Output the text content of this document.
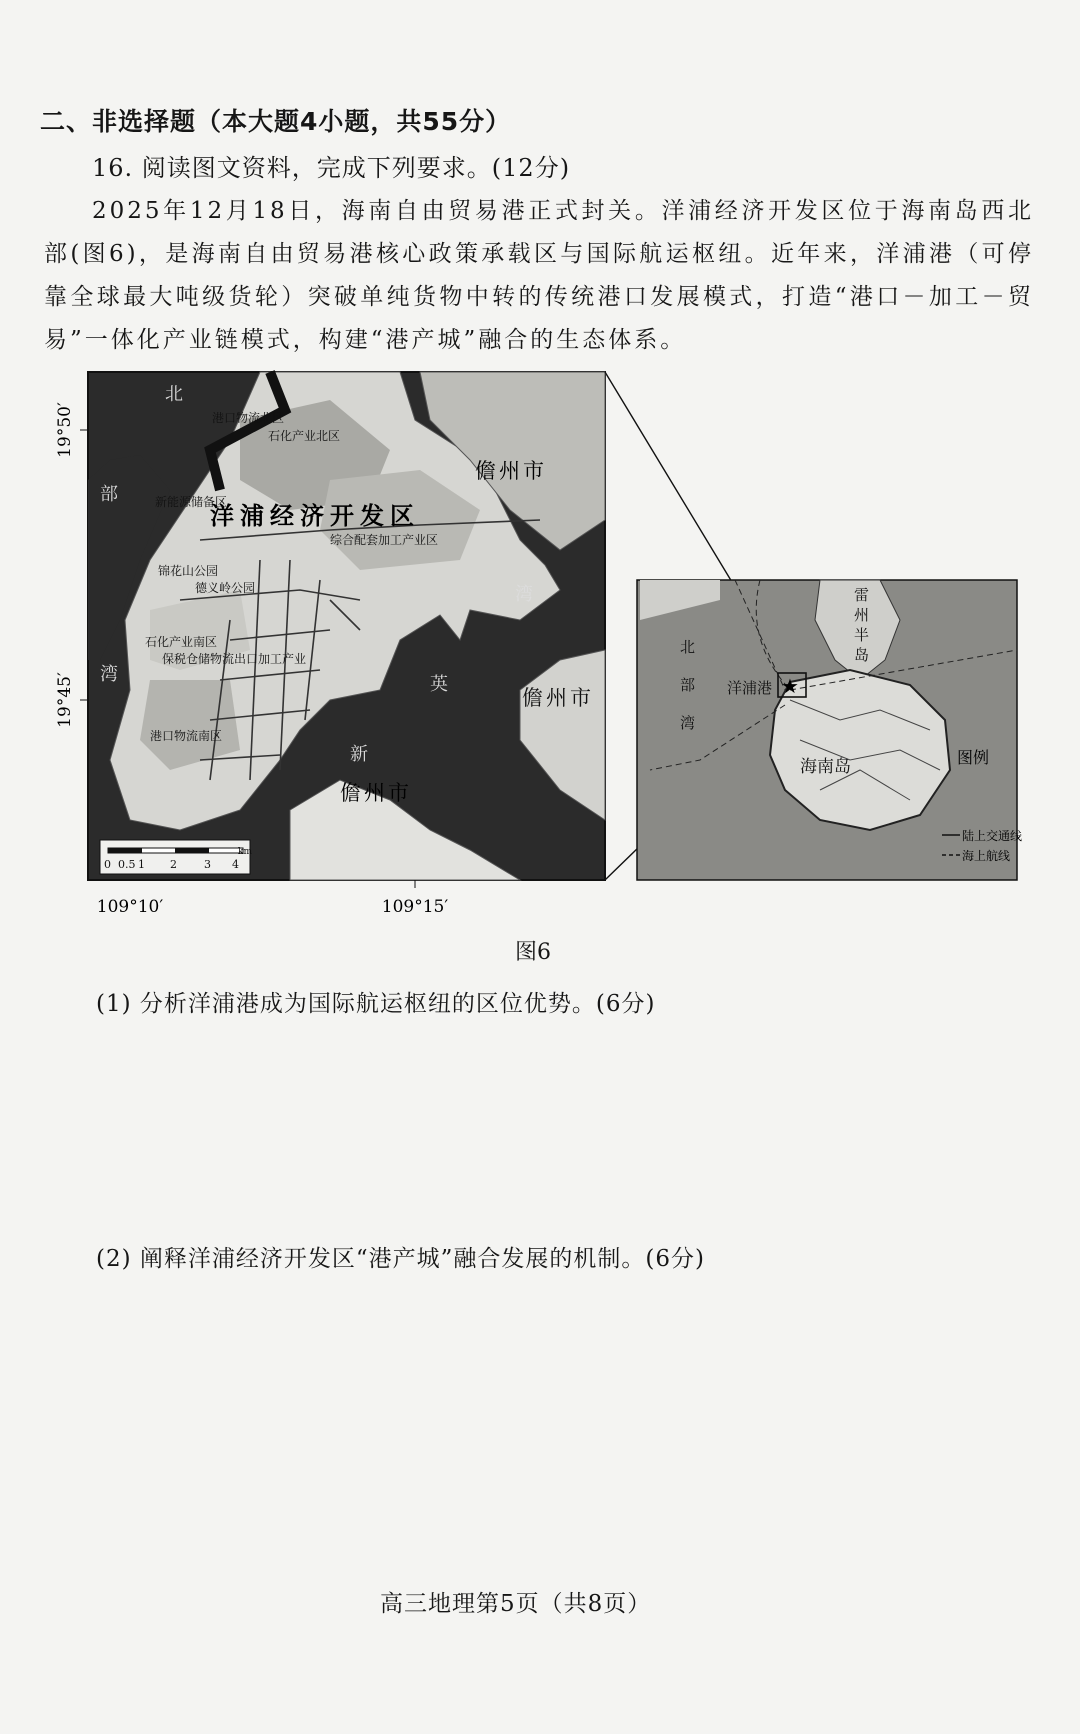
二、非选择题（本大题4小题，共55分）
16. 阅读图文资料，完成下列要求。(12分)

2025年12月18日，海南自由贸易港正式封关。洋浦经济开发区位于海南岛西北部(图6)，是海南自由贸易港核心政策承载区与国际航运枢纽。近年来，洋浦港（可停靠全球最大吨级货轮）突破单纯货物中转的传统港口发展模式，打造“港口－加工－贸易”一体化产业链模式，构建“港产城”融合的生态体系。

19°50′
19°45′
109°10′	109°15′
洋浦经济开发区
儋州市
儋州市
儋州市
北
部
湾
新
英
湾
石化产业北区
港口物流北区
新能源储备区
综合配套加工产业区
锦花山公园
德义岭公园
石化产业南区
保税仓储物流出口加工产业
港口物流南区
0 0.5 1 2 3 4
km
★
北
部
湾
雷
州
半
岛
洋浦港
海南岛	图例
陆上交通线
海上航线
图6
(1) 分析洋浦港成为国际航运枢纽的区位优势。(6分)
(2) 阐释洋浦经济开发区“港产城”融合发展的机制。(6分)
高三地理第5页（共8页）
